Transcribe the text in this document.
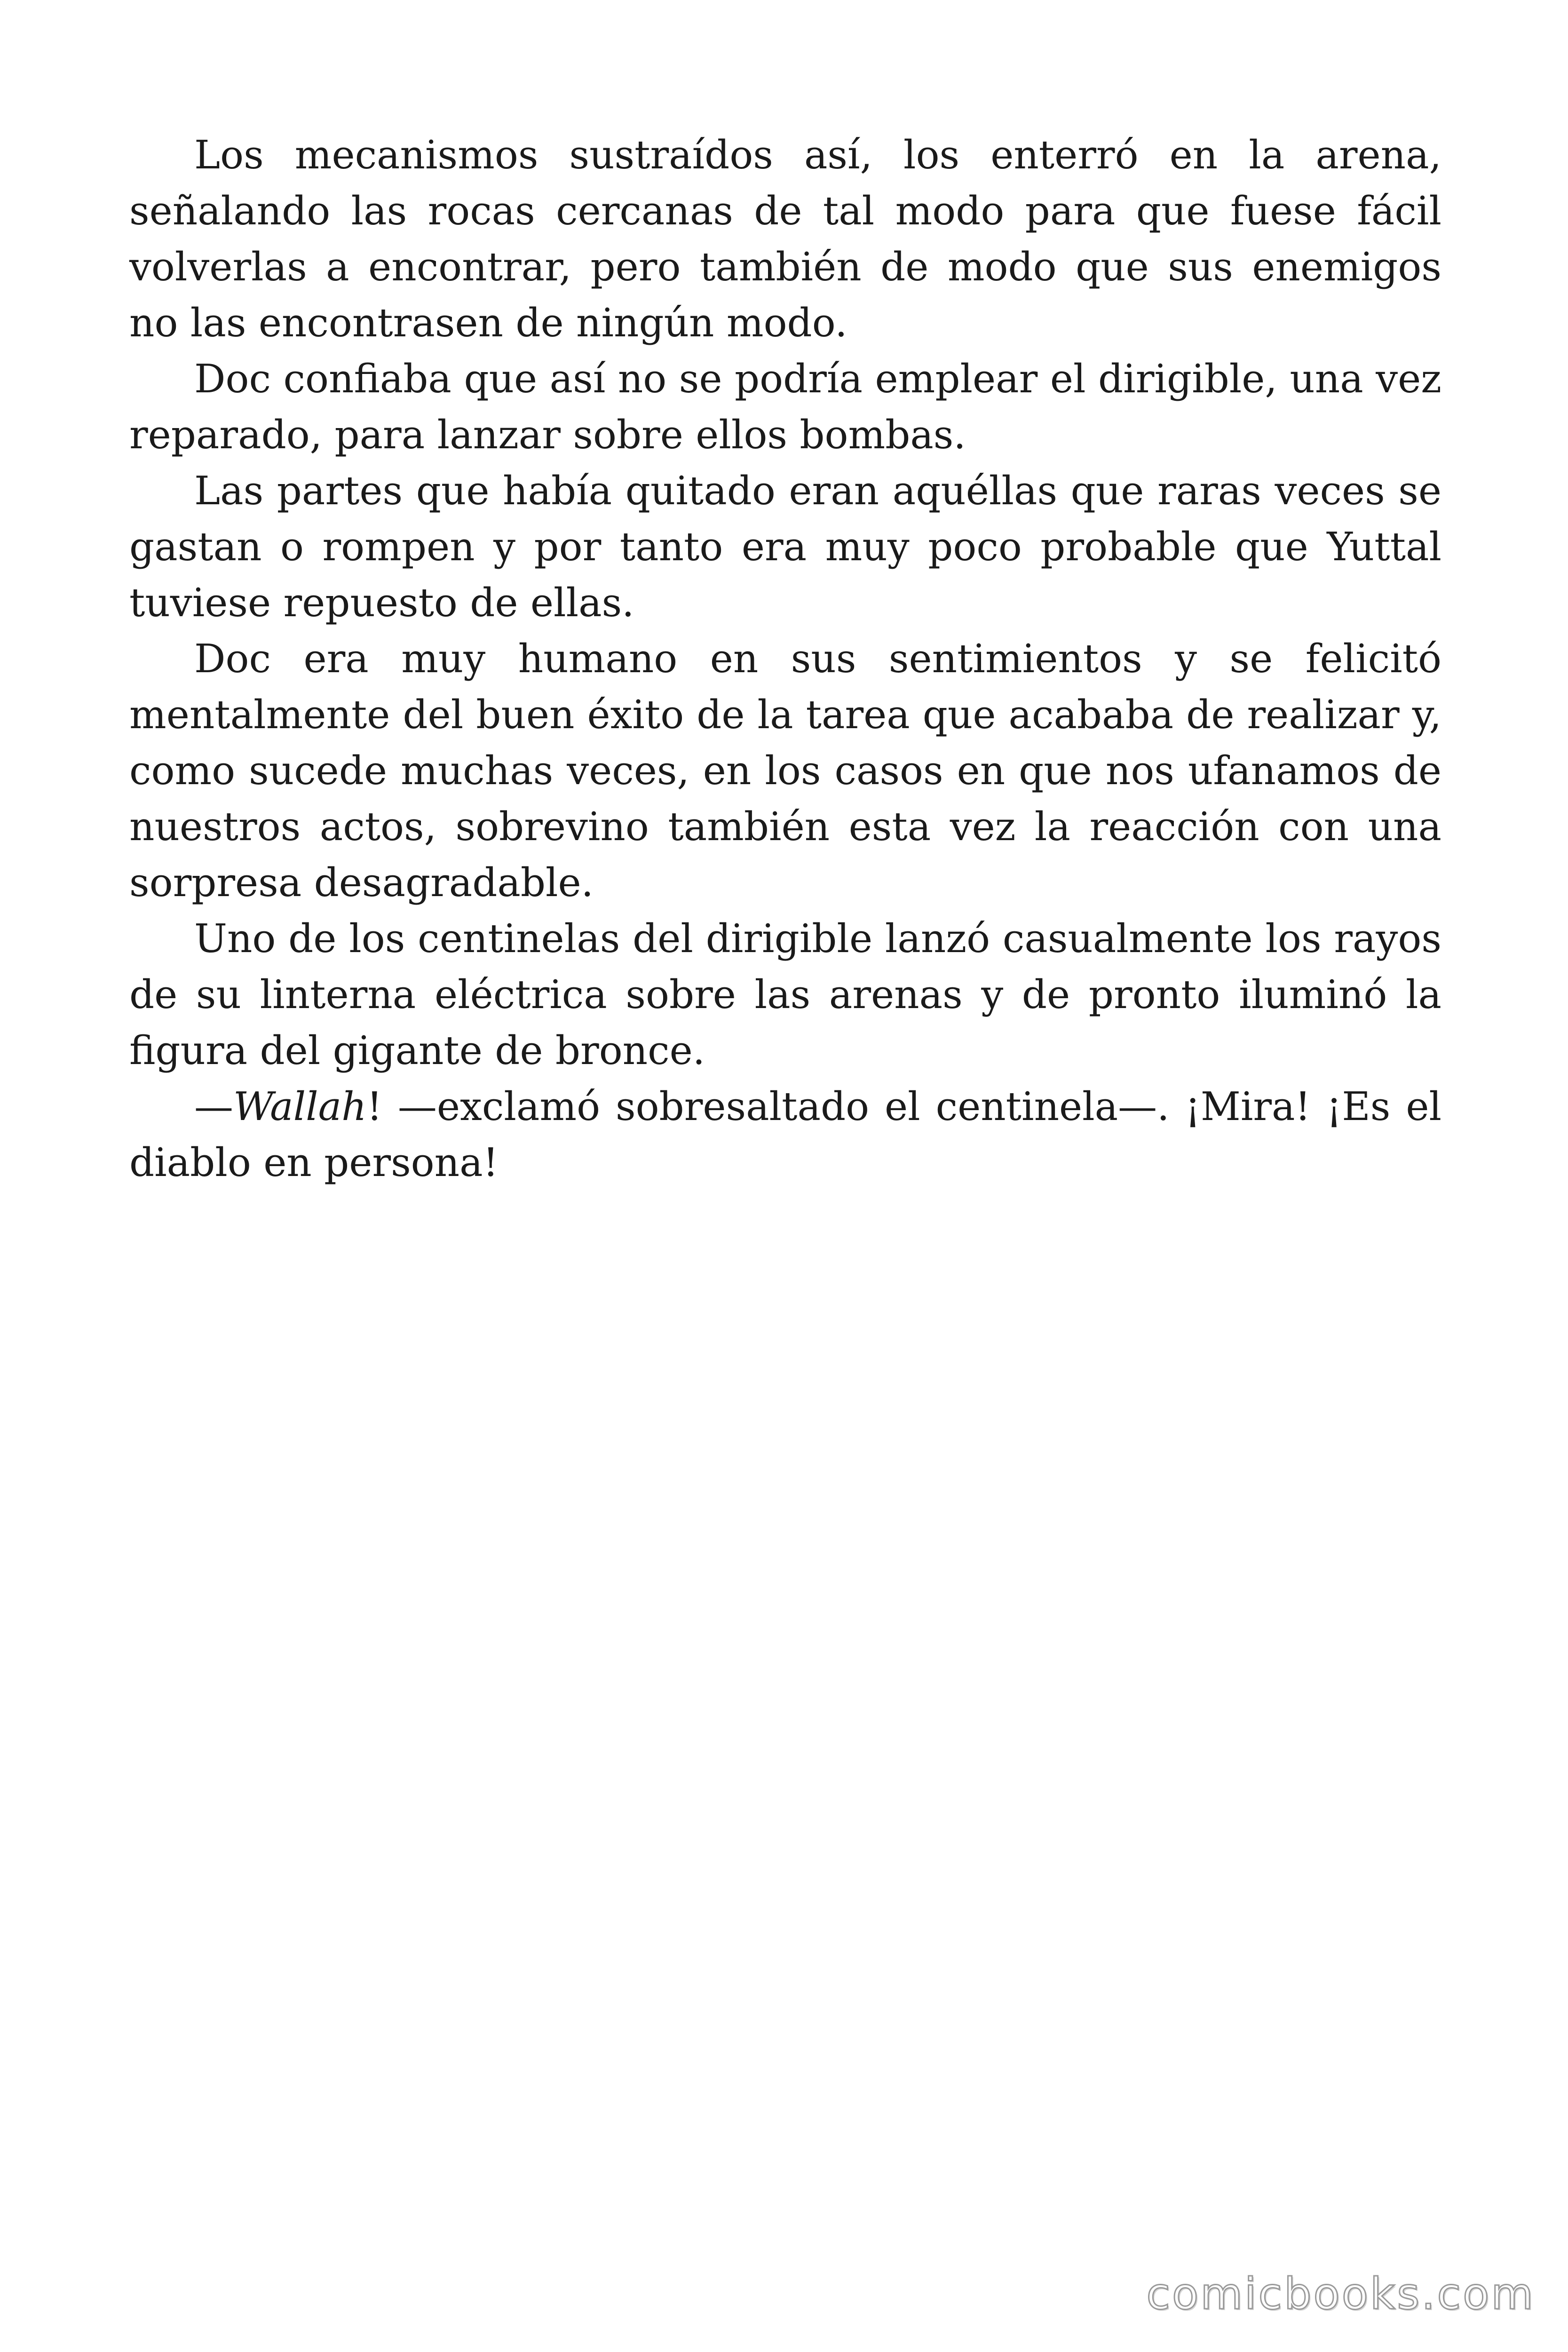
Los mecanismos sustraídos así, los enterró en la arena, señalando las rocas cercanas de tal modo para que fuese fácil volverlas a encontrar, pero también de modo que sus enemigos no las encontrasen de ningún modo.

Doc confiaba que así no se podría emplear el dirigible, una vez reparado, para lanzar sobre ellos bombas.

Las partes que había quitado eran aquéllas que raras veces se gastan o rompen y por tanto era muy poco probable que Yuttal tuviese repuesto de ellas.

Doc era muy humano en sus sentimientos y se felicitó mentalmente del buen éxito de la tarea que acababa de realizar y, como sucede muchas veces, en los casos en que nos ufanamos de nuestros actos, sobrevino también esta vez la reacción con una sorpresa desagradable.

Uno de los centinelas del dirigible lanzó casualmente los rayos de su linterna eléctrica sobre las arenas y de pronto iluminó la figura del gigante de bronce.

—Wallah! —exclamó sobresaltado el centinela—. ¡Mira! ¡Es el diablo en persona!

comicbooks.com
